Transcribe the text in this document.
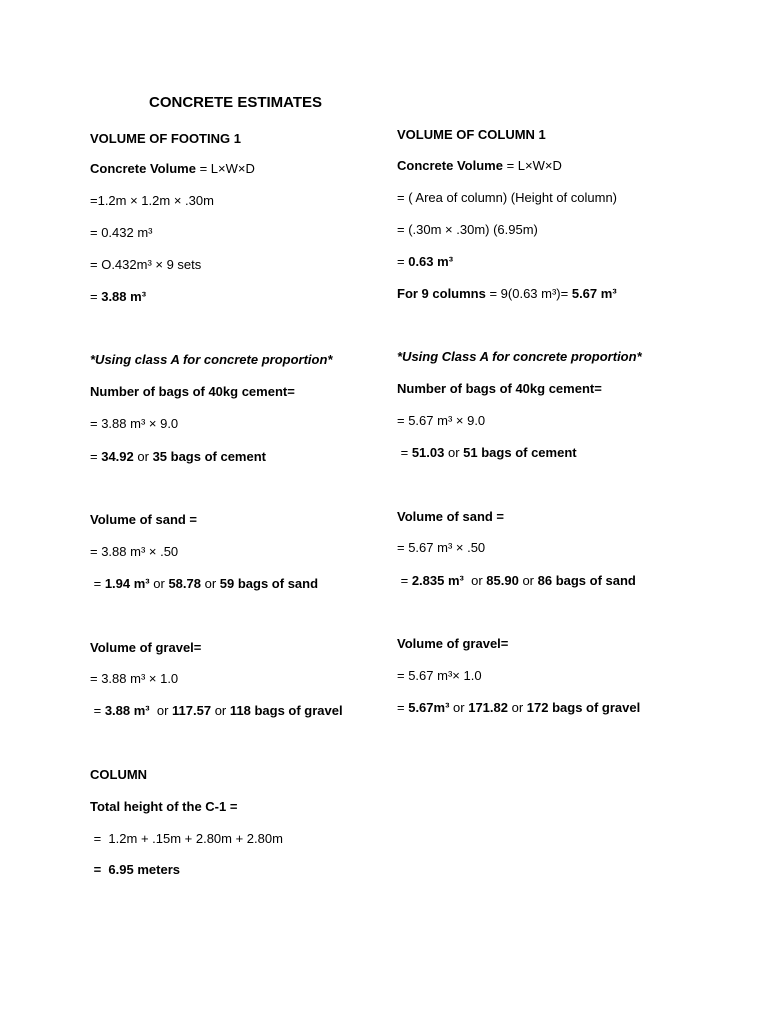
CONCRETE ESTIMATES
VOLUME OF FOOTING 1
Concrete Volume = L×W×D
=1.2m × 1.2m × .30m
= 0.432 m³
= O.432m³ × 9 sets
= 3.88 m³
*Using class A for concrete proportion*
Number of bags of 40kg cement=
= 3.88 m³ × 9.0
= 34.92 or 35 bags of cement
Volume of sand =
= 3.88 m³ × .50
= 1.94 m³ or 58.78 or 59 bags of sand
Volume of gravel=
= 3.88 m³ × 1.0
= 3.88 m³  or 117.57 or 118 bags of gravel
COLUMN
Total height of the C-1 =
=  1.2m + .15m + 2.80m + 2.80m
=  6.95 meters
VOLUME OF COLUMN 1
Concrete Volume = L×W×D
= ( Area of column) (Height of column)
= (.30m × .30m) (6.95m)
= 0.63 m³
For 9 columns = 9(0.63 m³)= 5.67 m³
*Using Class A for concrete proportion*
Number of bags of 40kg cement=
= 5.67 m³ × 9.0
= 51.03 or 51 bags of cement
Volume of sand =
= 5.67 m³ × .50
= 2.835 m³  or 85.90 or 86 bags of sand
Volume of gravel=
= 5.67 m³× 1.0
= 5.67m³ or 171.82 or 172 bags of gravel
